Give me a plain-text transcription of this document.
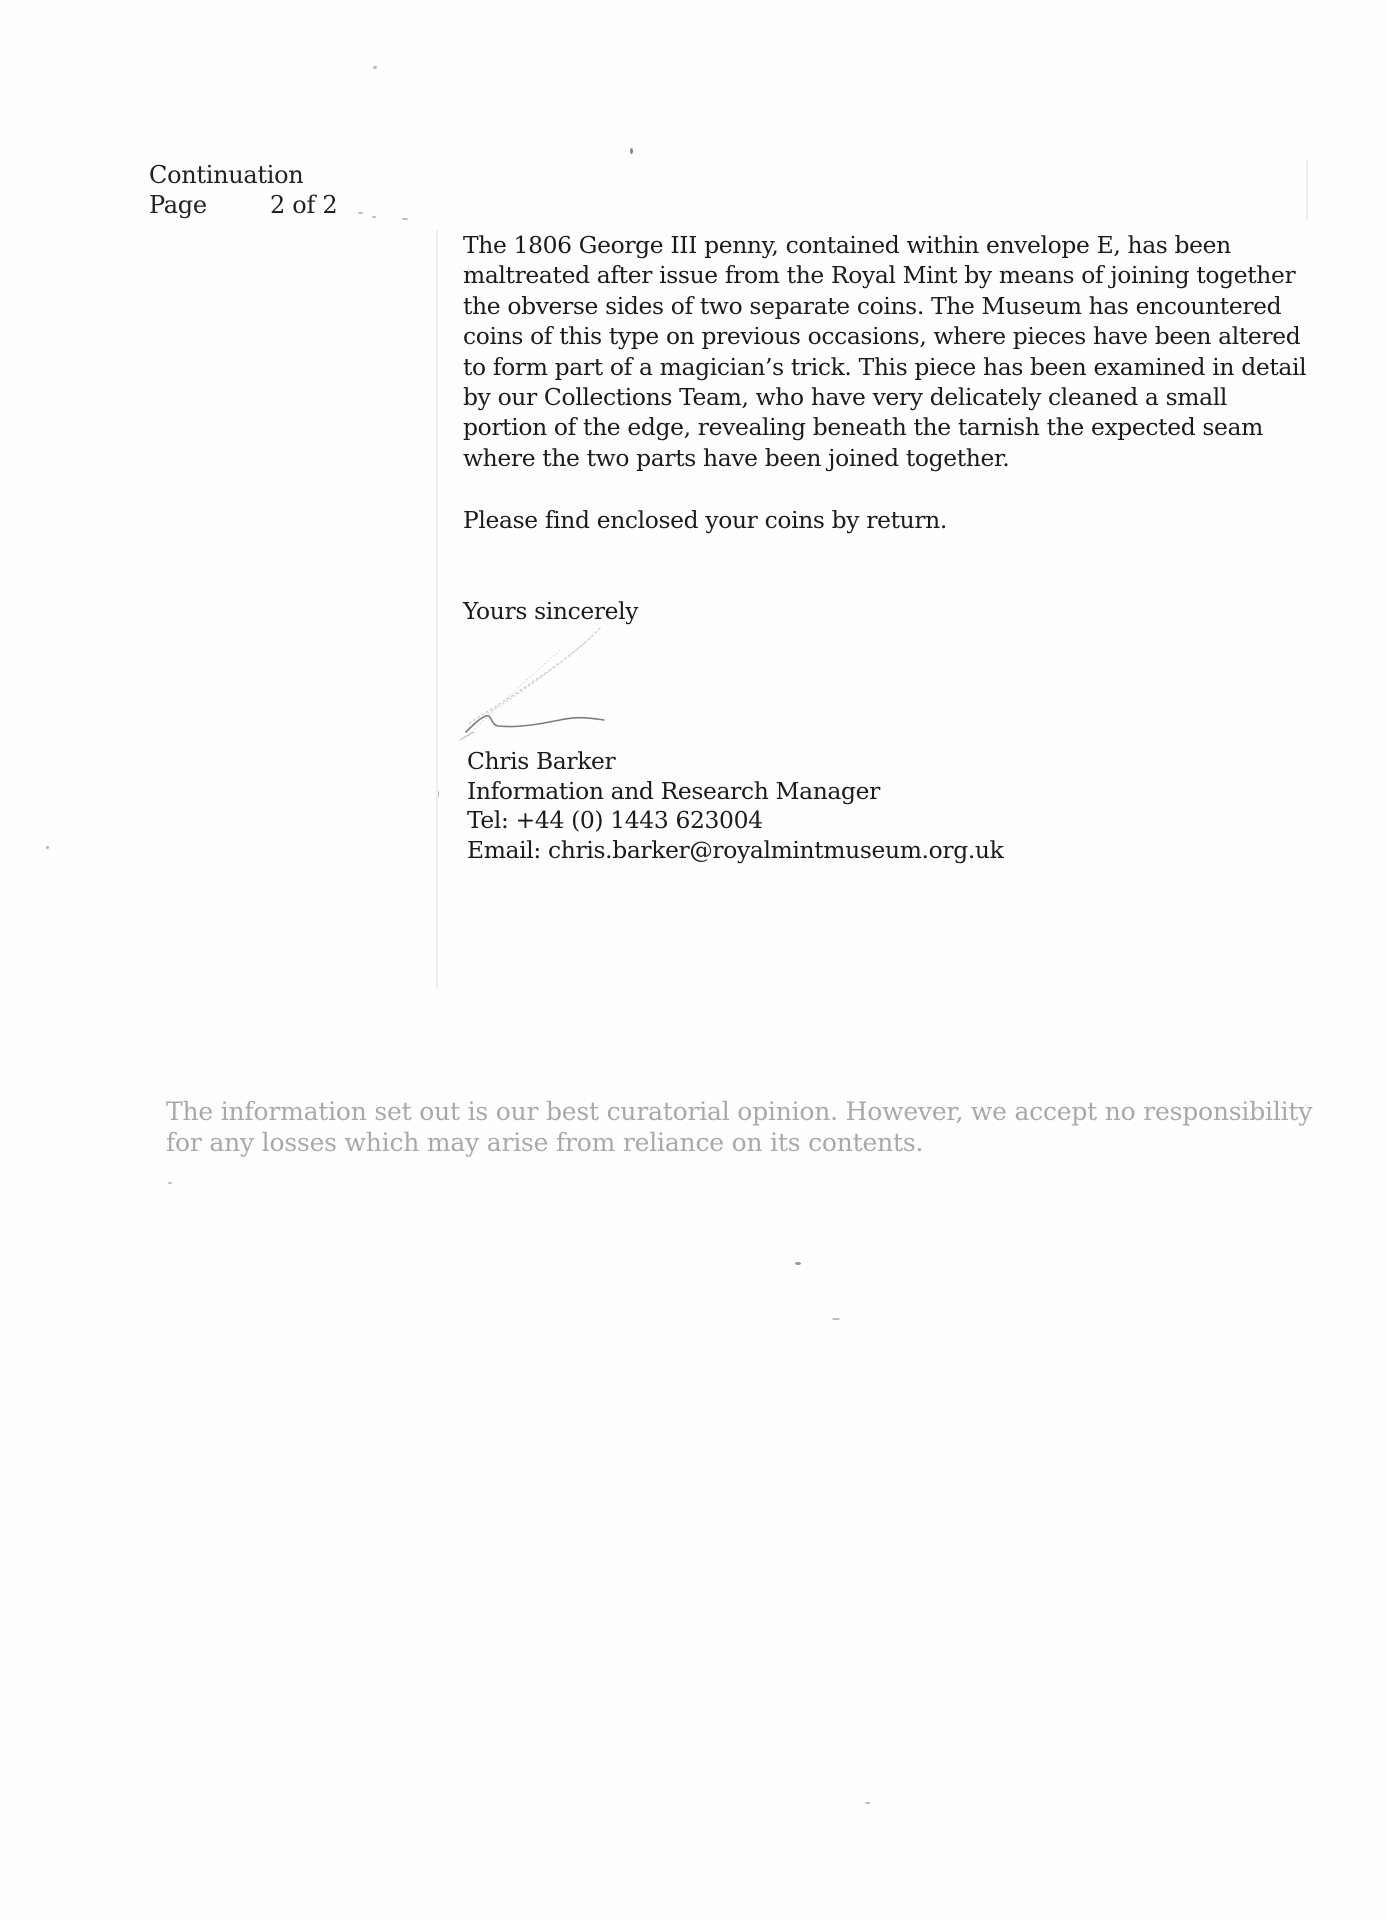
Continuation
Page	2 of 2

The 1806 George III penny, contained within envelope E, has been maltreated after issue from the Royal Mint by means of joining together the obverse sides of two separate coins. The Museum has encountered coins of this type on previous occasions, where pieces have been altered to form part of a magician’s trick. This piece has been examined in detail by our Collections Team, who have very delicately cleaned a small portion of the edge, revealing beneath the tarnish the expected seam where the two parts have been joined together.

Please find enclosed your coins by return.

Yours sincerely

Chris Barker
Information and Research Manager
Tel: +44 (0) 1443 623004
Email: chris.barker@royalmintmuseum.org.uk
The information set out is our best curatorial opinion. However, we accept no responsibility
for any losses which may arise from reliance on its contents.
